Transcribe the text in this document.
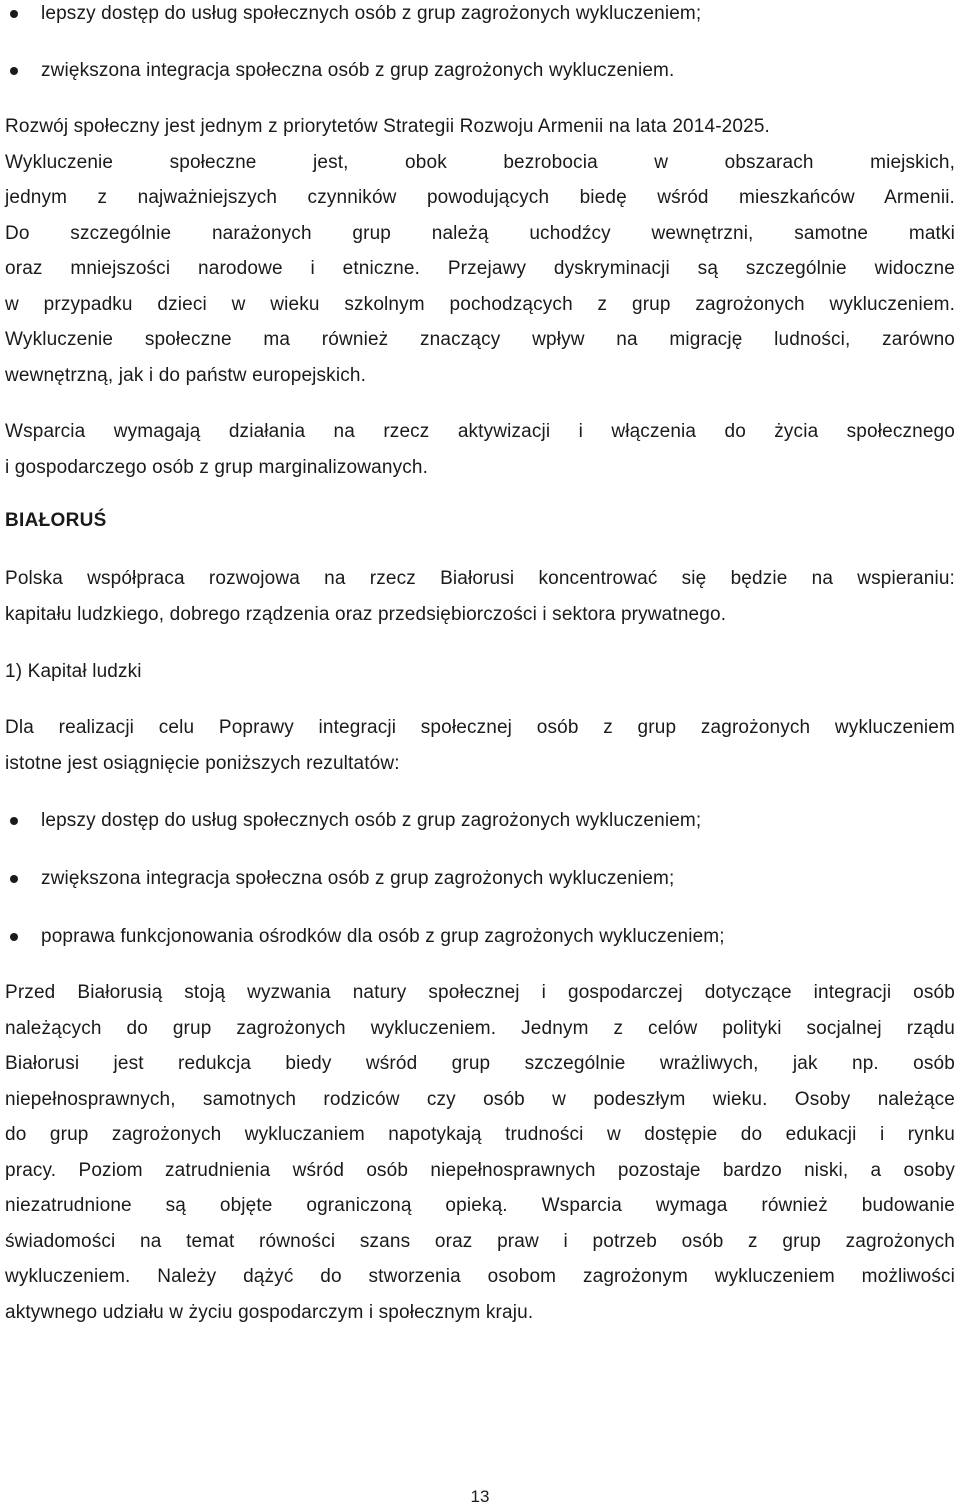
lepszy dostęp do usług społecznych osób z grup zagrożonych wykluczeniem;
zwiększona integracja społeczna osób z grup zagrożonych wykluczeniem.
Rozwój społeczny jest jednym z priorytetów Strategii Rozwoju Armenii na lata 2014-2025.
Wykluczenie społeczne jest, obok bezrobocia w obszarach miejskich,
jednym z najważniejszych czynników powodujących biedę wśród mieszkańców Armenii.
Do szczególnie narażonych grup należą uchodźcy wewnętrzni, samotne matki
oraz mniejszości narodowe i etniczne. Przejawy dyskryminacji są szczególnie widoczne
w przypadku dzieci w wieku szkolnym pochodzących z grup zagrożonych wykluczeniem.
Wykluczenie społeczne ma również znaczący wpływ na migrację ludności, zarówno
wewnętrzną, jak i do państw europejskich.
Wsparcia wymagają działania na rzecz aktywizacji i włączenia do życia społecznego
i gospodarczego osób z grup marginalizowanych.
BIAŁORUŚ
Polska współpraca rozwojowa na rzecz Białorusi koncentrować się będzie na wspieraniu:
kapitału ludzkiego, dobrego rządzenia oraz przedsiębiorczości i sektora prywatnego.
1) Kapitał ludzki
Dla realizacji celu Poprawy integracji społecznej osób z grup zagrożonych wykluczeniem
istotne jest osiągnięcie poniższych rezultatów:
lepszy dostęp do usług społecznych osób z grup zagrożonych wykluczeniem;
zwiększona integracja społeczna osób z grup zagrożonych wykluczeniem;
poprawa funkcjonowania ośrodków dla osób z grup zagrożonych wykluczeniem;
Przed Białorusią stoją wyzwania natury społecznej i gospodarczej dotyczące integracji osób
należących do grup zagrożonych wykluczeniem. Jednym z celów polityki socjalnej rządu
Białorusi jest redukcja biedy wśród grup szczególnie wrażliwych, jak np. osób
niepełnosprawnych, samotnych rodziców czy osób w podeszłym wieku. Osoby należące
do grup zagrożonych wykluczaniem napotykają trudności w dostępie do edukacji i rynku
pracy. Poziom zatrudnienia wśród osób niepełnosprawnych pozostaje bardzo niski, a osoby
niezatrudnione są objęte ograniczoną opieką. Wsparcia wymaga również budowanie
świadomości na temat równości szans oraz praw i potrzeb osób z grup zagrożonych
wykluczeniem. Należy dążyć do stworzenia osobom zagrożonym wykluczeniem możliwości
aktywnego udziału w życiu gospodarczym i społecznym kraju.
13
